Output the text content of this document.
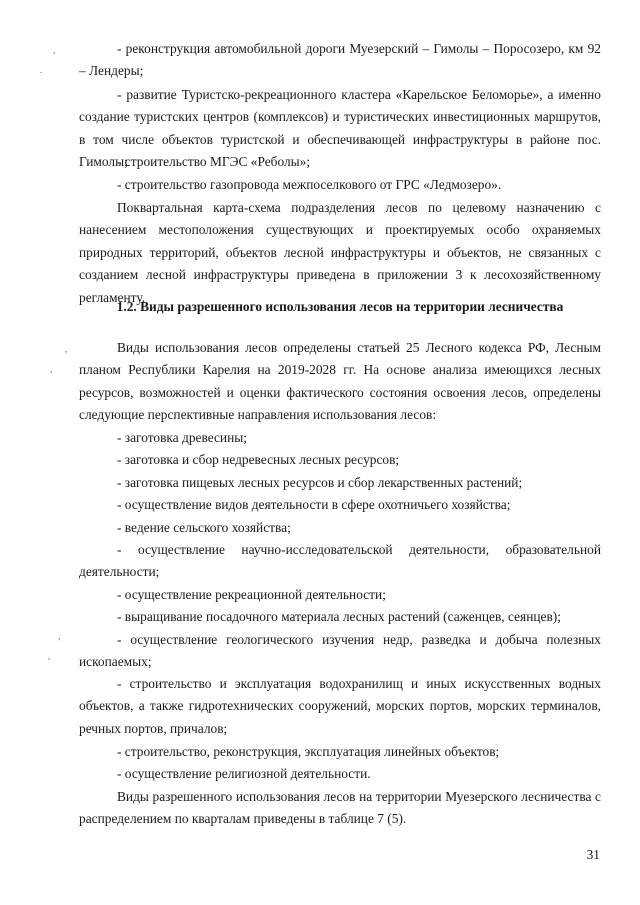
,
.
,
,
,
,

- реконструкция автомобильной дороги Муезерский – Гимолы – Поросозеро, км 92 – Лендеры;

- развитие Туристско-рекреационного кластера «Карельское Беломорье», а именно создание туристских центров (комплексов) и туристических инвестиционных маршрутов, в том числе объектов туристской и обеспечивающей инфраструктуры в районе пос. Гимолы;

- строительство МГЭС «Реболы»;

- строительство газопровода межпоселкового от ГРС «Ледмозеро».

Поквартальная карта-схема подразделения лесов по целевому назначению с нанесением местоположения существующих и проектируемых особо охраняемых природных территорий, объектов лесной инфраструктуры и объектов, не связанных с созданием лесной инфраструктуры приведена в приложении 3 к лесохозяйственному регламенту.

1.2. Виды разрешенного использования лесов на территории лесничества

Виды использования лесов определены статьей 25 Лесного кодекса РФ, Лесным планом Республики Карелия на 2019-2028 гг. На основе анализа имеющихся лесных ресурсов, возможностей и оценки фактического состояния освоения лесов, определены следующие перспективные направления использования лесов:

- заготовка древесины;

- заготовка и сбор недревесных лесных ресурсов;

- заготовка пищевых лесных ресурсов и сбор лекарственных растений;

- осуществление видов деятельности в сфере охотничьего хозяйства;

- ведение сельского хозяйства;

- осуществление научно-исследовательской деятельности, образовательной деятельности;

- осуществление рекреационной деятельности;

- выращивание посадочного материала лесных растений (саженцев, сеянцев);

- осуществление геологического изучения недр, разведка и добыча полезных ископаемых;

- строительство и эксплуатация водохранилищ и иных искусственных водных объектов, а также гидротехнических сооружений, морских портов, морских терминалов, речных портов, причалов;

- строительство, реконструкция, эксплуатация линейных объектов;

- осуществление религиозной деятельности.

Виды разрешенного использования лесов на территории Муезерского лесничества с распределением по кварталам приведены в таблице 7 (5).

31
